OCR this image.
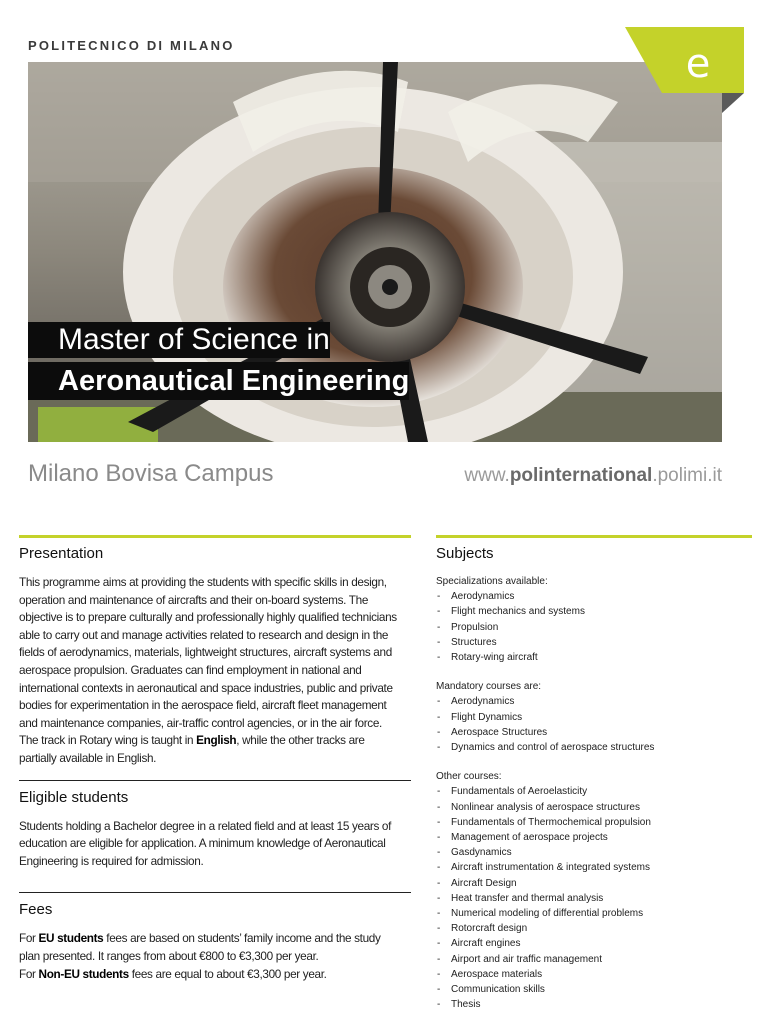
POLITECNICO DI MILANO	e
Master of Science in
Aeronautical Engineering
Milano Bovisa Campus	www.polinternational.polimi.it
Presentation

This programme aims at providing the students with specific skills in design, operation and maintenance of aircrafts and their on-board systems. The objective is to prepare culturally and professionally highly qualified technicians able to carry out and manage activities related to research and design in the fields of aerodynamics, materials, lightweight structures, aircraft systems and aerospace propulsion. Graduates can find employment in national and international contexts in aeronautical and space industries, public and private bodies for experimentation in the aerospace field, aircraft fleet management and maintenance companies, air-traffic control agencies, or in the air force. The track in Rotary wing is taught in English, while the other tracks are partially available in English.

Eligible students

Students holding a Bachelor degree in a related field and at least 15 years of education are eligible for application. A minimum knowledge of Aeronautical Engineering is required for admission.

Fees

For EU students fees are based on students’ family income and the study plan presented. It ranges from about €800 to €3,300 per year.

For Non-EU students fees are equal to about €3,300 per year.

Subjects

Specializations available:

- Aerodynamics
- Flight mechanics and systems
- Propulsion
- Structures
- Rotary-wing aircraft

Mandatory courses are:

- Aerodynamics
- Flight Dynamics
- Aerospace Structures
- Dynamics and control of aerospace structures

Other courses:

- Fundamentals of Aeroelasticity
- Nonlinear analysis of aerospace structures
- Fundamentals of Thermochemical propulsion
- Management of aerospace projects
- Gasdynamics
- Aircraft instrumentation & integrated systems
- Aircraft Design
- Heat transfer and thermal analysis
- Numerical modeling of differential problems
- Rotorcraft design
- Aircraft engines
- Airport and air traffic management
- Aerospace materials
- Communication skills
- Thesis
